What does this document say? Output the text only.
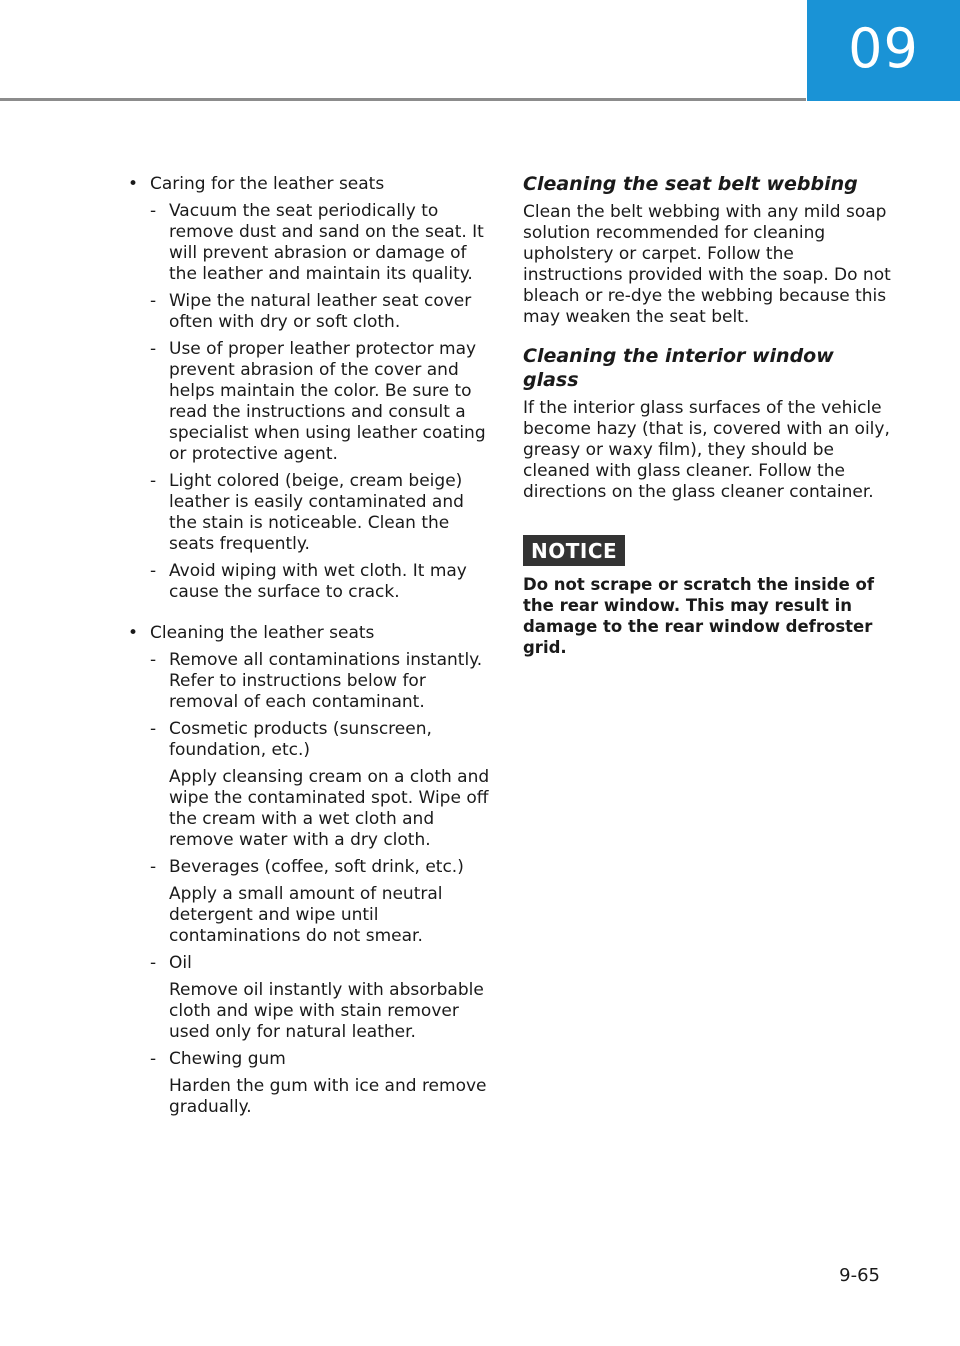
09
• Caring for the leather seats
- Vacuum the seat periodically to remove dust and sand on the seat. It will prevent abrasion or damage of the leather and maintain its quality.

- Wipe the natural leather seat cover often with dry or soft cloth.

- Use of proper leather protector may prevent abrasion of the cover and helps maintain the color. Be sure to read the instructions and consult a specialist when using leather coating or protective agent.

- Light colored (beige, cream beige) leather is easily contaminated and the stain is noticeable. Clean the seats frequently.

- Avoid wiping with wet cloth. It may cause the surface to crack.

• Cleaning the leather seats
- Remove all contaminations instantly. Refer to instructions below for removal of each contaminant.

- Cosmetic products (sunscreen, foundation, etc.)

Apply cleansing cream on a cloth and wipe the contaminated spot. Wipe off the cream with a wet cloth and remove water with a dry cloth.

- Beverages (coffee, soft drink, etc.)

Apply a small amount of neutral detergent and wipe until contaminations do not smear.

- Oil

Remove oil instantly with absorbable cloth and wipe with stain remover used only for natural leather.

- Chewing gum

Harden the gum with ice and remove gradually.

Cleaning the seat belt webbing

Clean the belt webbing with any mild soap solution recommended for cleaning upholstery or carpet. Follow the instructions provided with the soap. Do not bleach or re-dye the webbing because this may weaken the seat belt.

Cleaning the interior window glass

If the interior glass surfaces of the vehicle become hazy (that is, covered with an oily, greasy or waxy film), they should be cleaned with glass cleaner. Follow the directions on the glass cleaner container.

NOTICE

Do not scrape or scratch the inside of the rear window. This may result in damage to the rear window defroster grid.

9-65
